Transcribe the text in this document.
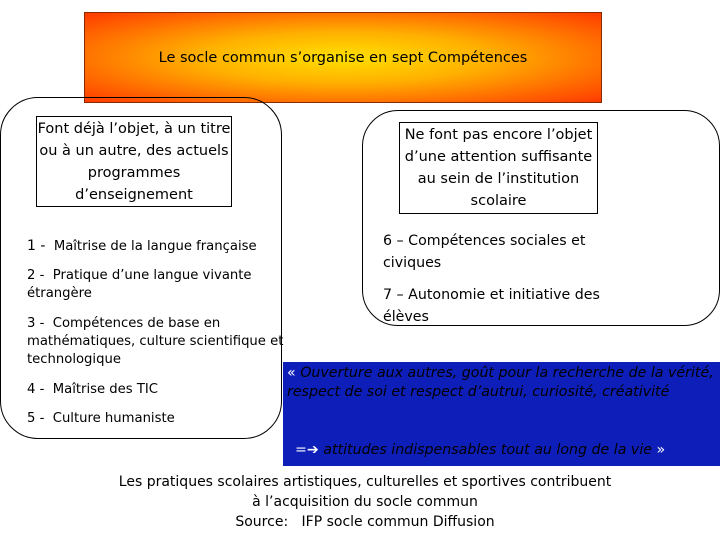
Le socle commun s’organise en sept Compétences
Font déjà l’objet, à un titre ou à un autre, des actuels programmes d’enseignement
Ne font pas encore l’objet d’une attention suffisante au sein de l’institution scolaire
1 - Maîtrise de la langue française
2 - Pratique d’une langue vivante étrangère
3 - Compétences de base en mathématiques, culture scientifique et technologique
4 - Maîtrise des TIC
5 - Culture humaniste
6 – Compétences sociales et civiques
7 – Autonomie et initiative des élèves
« Ouverture aux autres, goût pour la recherche de la vérité, respect de soi et respect d’autrui, curiosité, créativité
=➔ attitudes indispensables tout au long de la vie »
Les pratiques scolaires artistiques, culturelles et sportives contribuent
à l’acquisition du socle commun
Source:   IFP socle commun Diffusion
